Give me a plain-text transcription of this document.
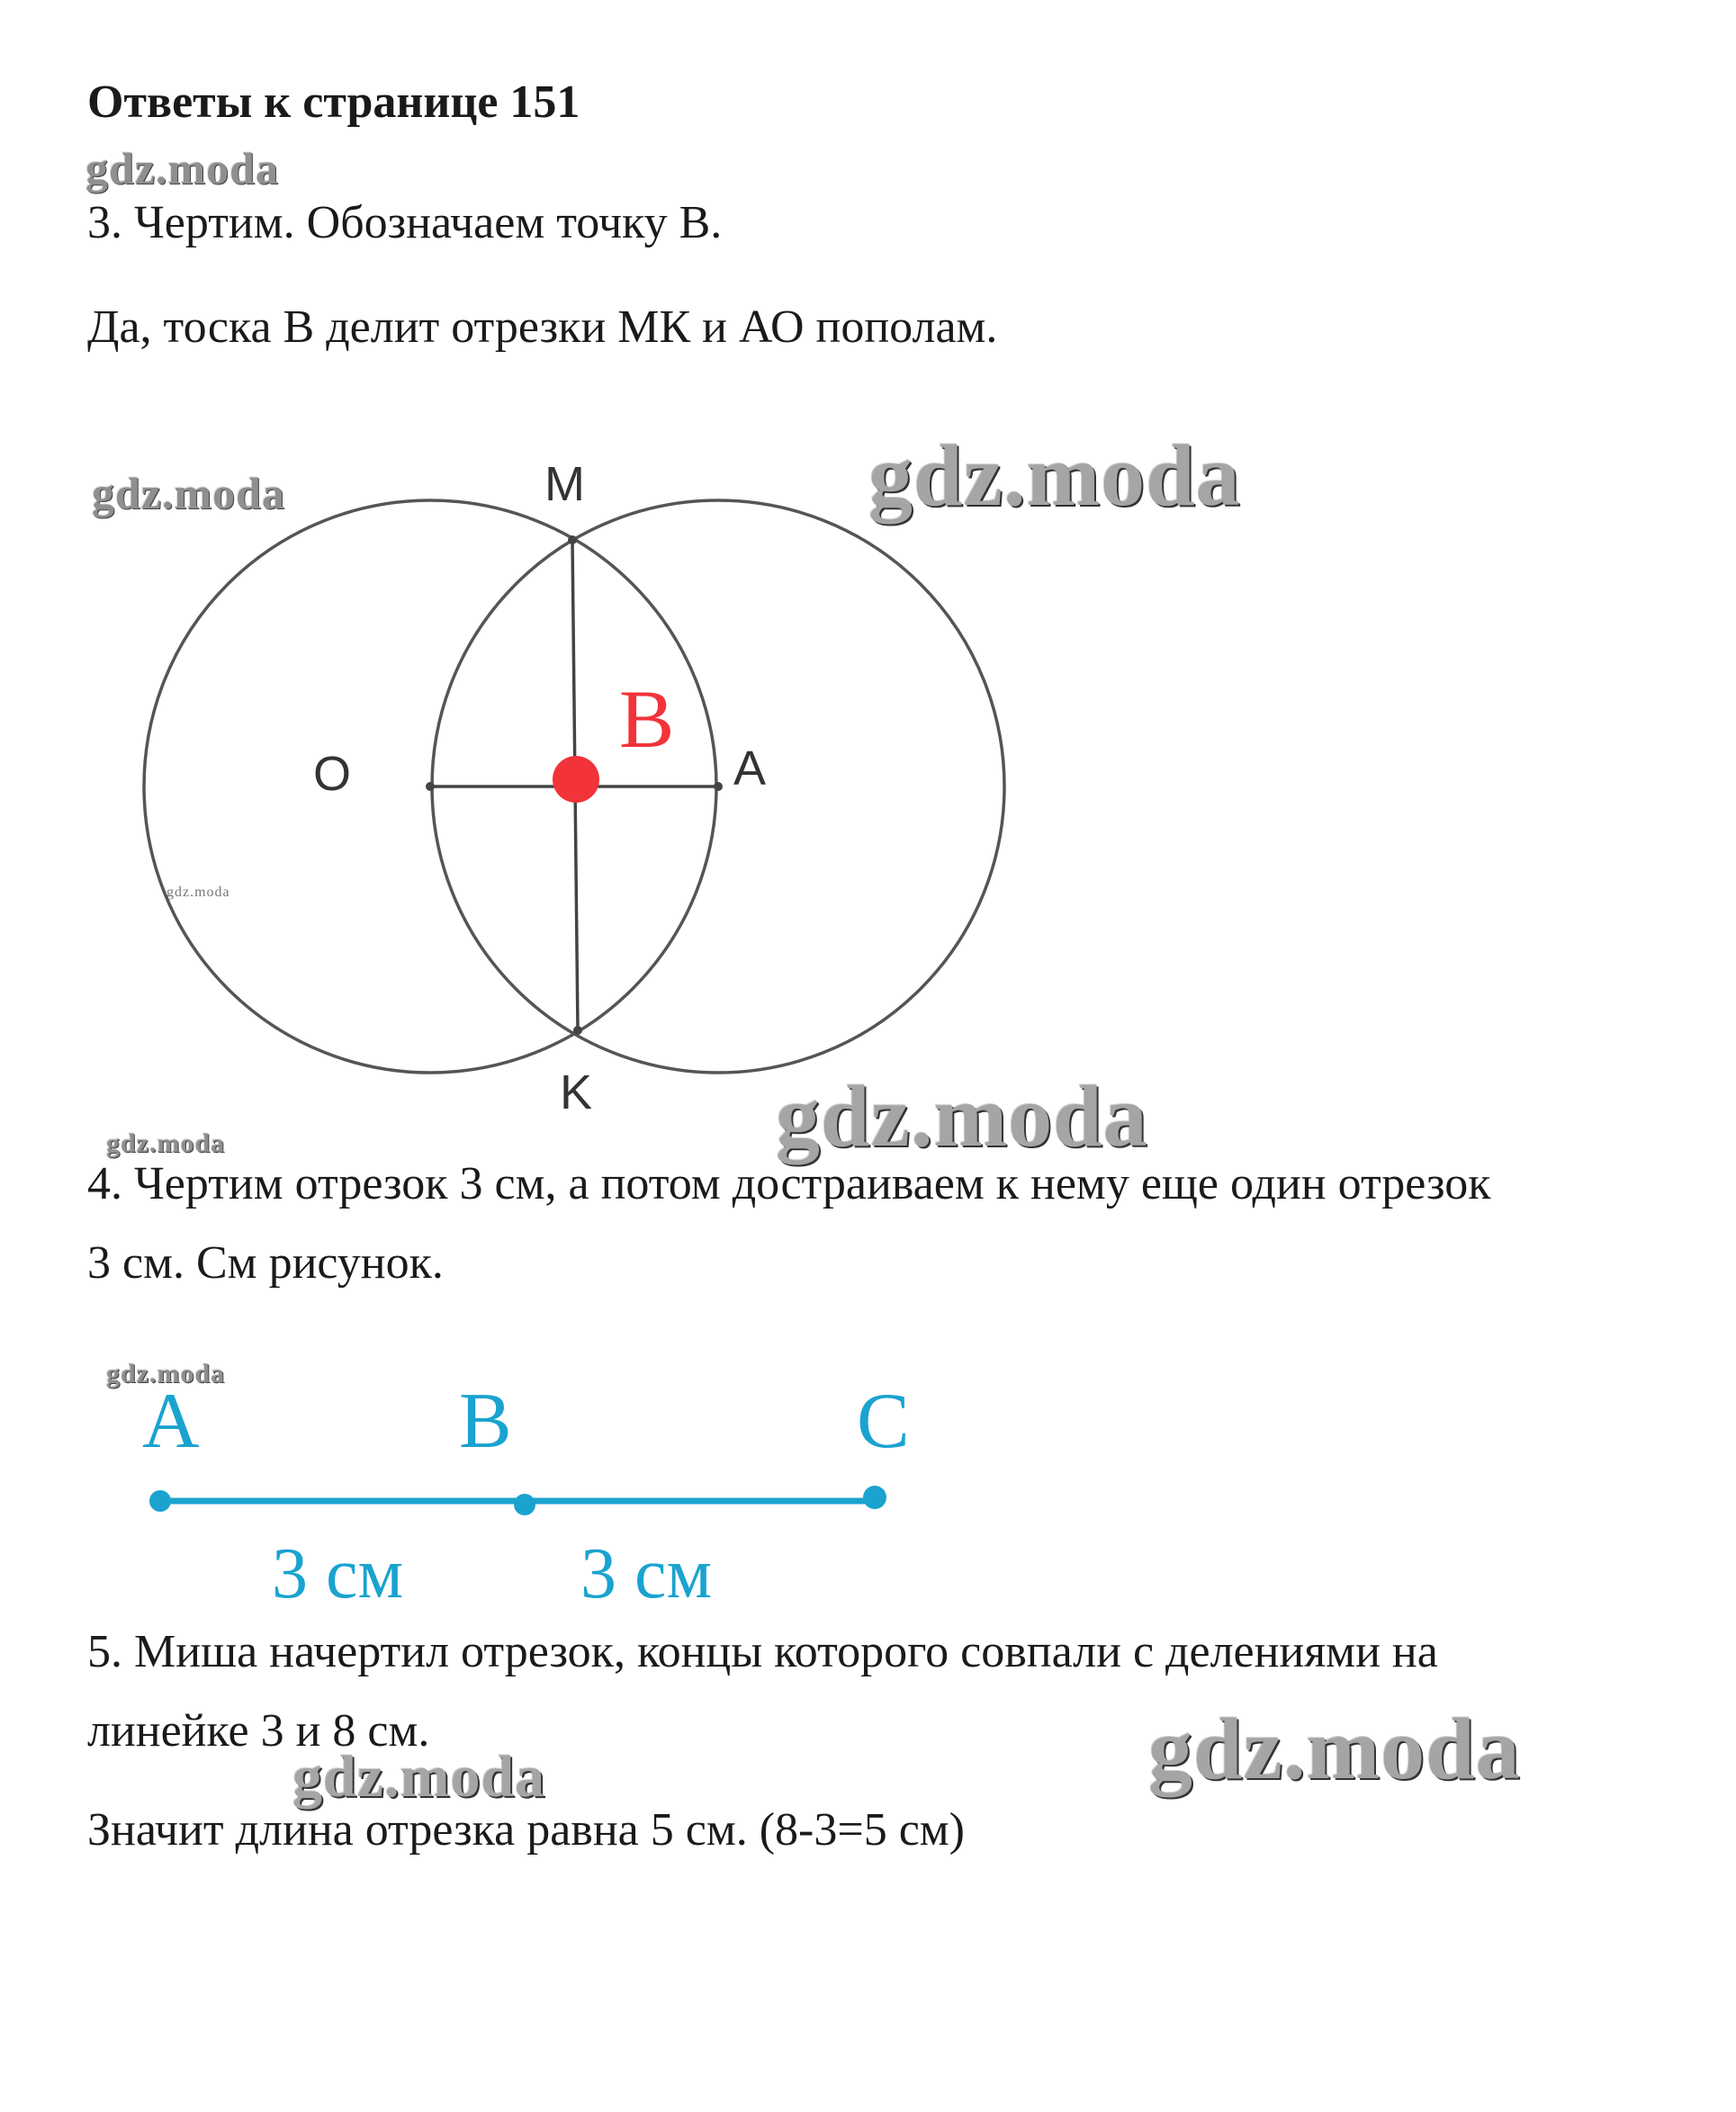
Ответы к странице 151
gdz.moda
gdz.moda	gdz.moda
gdz.moda
gdz.moda
gdz.moda
gdz.moda
gdz.moda
gdz.moda
3. Чертим. Обозначаем точку В.
Да, тоска В делит отрезки МК и АО пополам.
M
K
O	A
B
A	B	C
3 см 3 см
4. Чертим отрезок 3 см, а потом достраиваем к нему еще один отрезок
3 см. См рисунок.
5. Миша начертил отрезок, концы которого совпали с делениями на
линейке 3 и 8 см.
Значит длина отрезка равна 5 см. (8-3=5 см)
